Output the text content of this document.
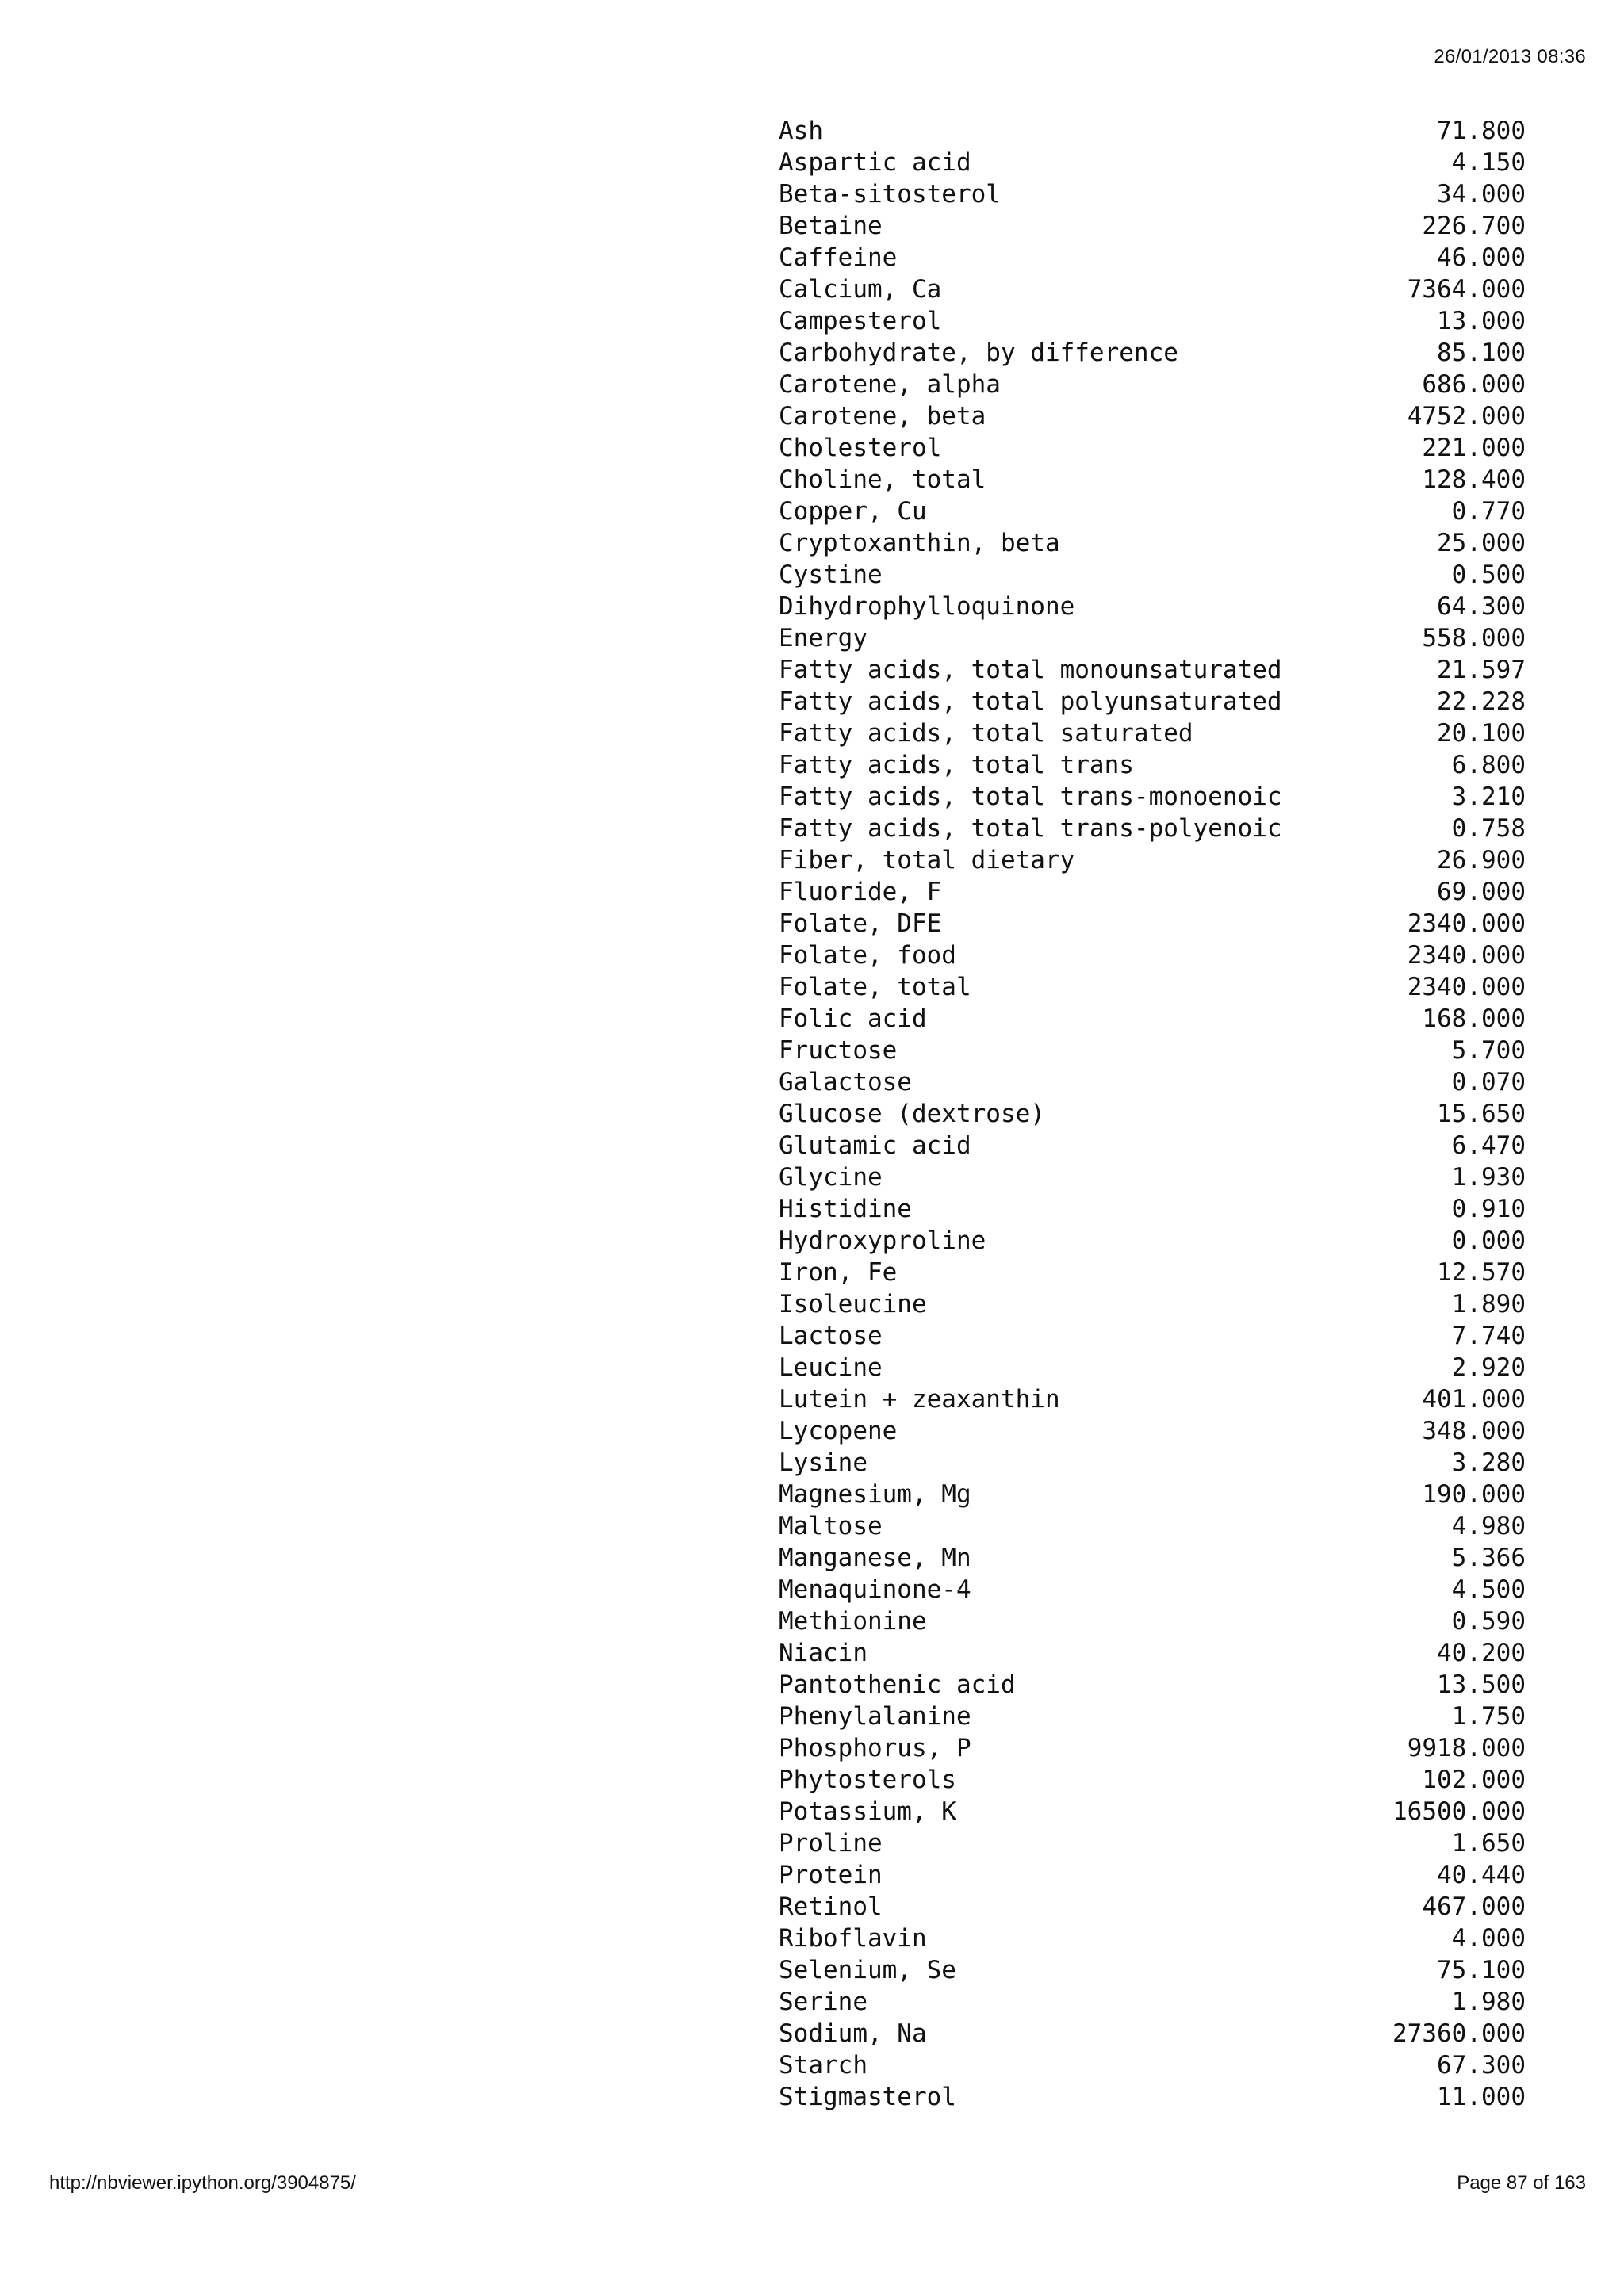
26/01/2013 08:36
Ash	71.800
Aspartic acid	4.150
Beta-sitosterol	34.000
Betaine	226.700
Caffeine	46.000
Calcium, Ca	7364.000
Campesterol	13.000
Carbohydrate, by difference	85.100
Carotene, alpha	686.000
Carotene, beta	4752.000
Cholesterol	221.000
Choline, total	128.400
Copper, Cu	0.770
Cryptoxanthin, beta	25.000
Cystine	0.500
Dihydrophylloquinone	64.300
Energy	558.000
Fatty acids, total monounsaturated	21.597
Fatty acids, total polyunsaturated	22.228
Fatty acids, total saturated	20.100
Fatty acids, total trans	6.800
Fatty acids, total trans-monoenoic	3.210
Fatty acids, total trans-polyenoic	0.758
Fiber, total dietary	26.900
Fluoride, F	69.000
Folate, DFE	2340.000
Folate, food	2340.000
Folate, total	2340.000
Folic acid	168.000
Fructose	5.700
Galactose	0.070
Glucose (dextrose)	15.650
Glutamic acid	6.470
Glycine	1.930
Histidine	0.910
Hydroxyproline	0.000
Iron, Fe	12.570
Isoleucine	1.890
Lactose	7.740
Leucine	2.920
Lutein + zeaxanthin	401.000
Lycopene	348.000
Lysine	3.280
Magnesium, Mg	190.000
Maltose	4.980
Manganese, Mn	5.366
Menaquinone-4	4.500
Methionine	0.590
Niacin	40.200
Pantothenic acid	13.500
Phenylalanine	1.750
Phosphorus, P	9918.000
Phytosterols	102.000
Potassium, K	16500.000
Proline	1.650
Protein	40.440
Retinol	467.000
Riboflavin	4.000
Selenium, Se	75.100
Serine	1.980
Sodium, Na	27360.000
Starch	67.300
Stigmasterol	11.000
http://nbviewer.ipython.org/3904875/	Page 87 of 163
